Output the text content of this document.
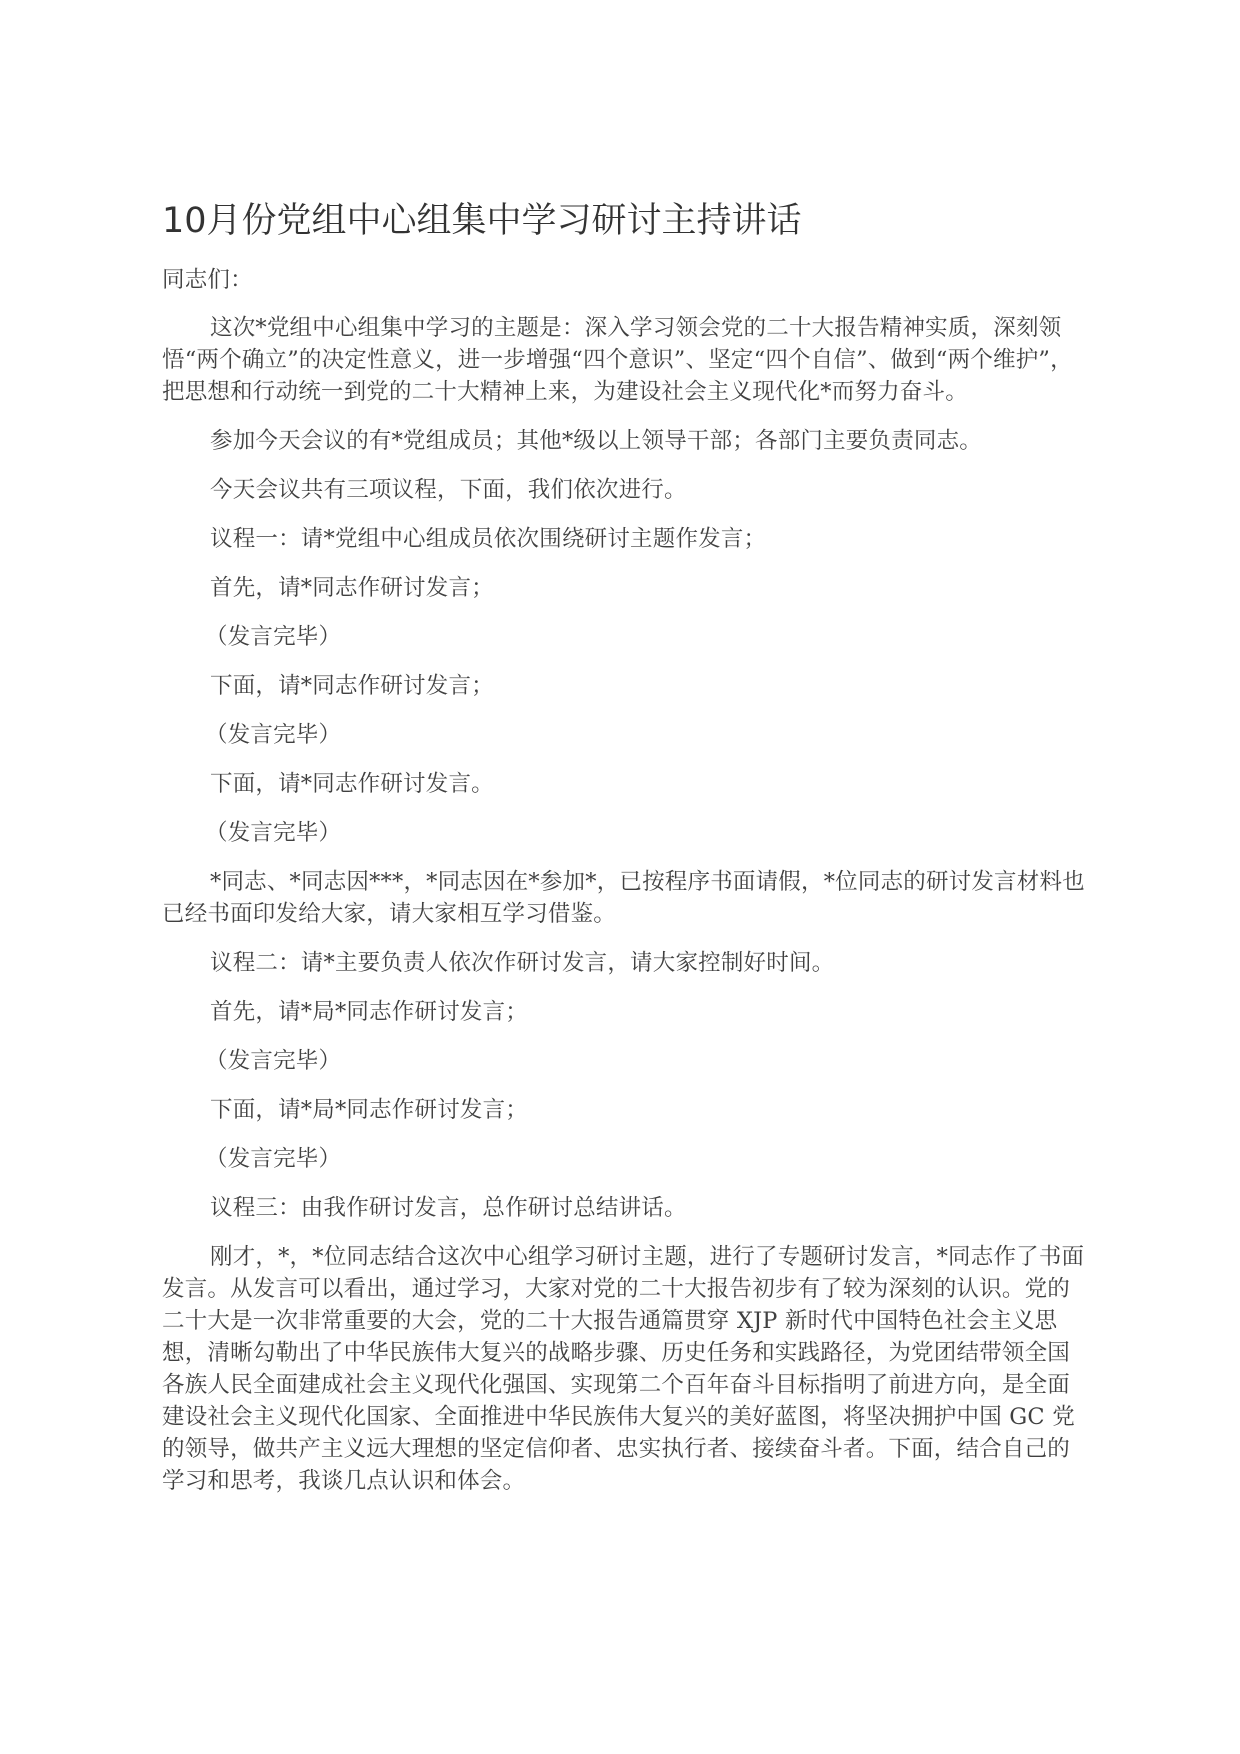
10月份党组中心组集中学习研讨主持讲话

同志们：

这次*党组中心组集中学习的主题是：深入学习领会党的二十大报告精神实质，深刻领悟“两个确立”的决定性意义，进一步增强“四个意识”、坚定“四个自信”、做到“两个维护”，把思想和行动统一到党的二十大精神上来，为建设社会主义现代化*而努力奋斗。

参加今天会议的有*党组成员；其他*级以上领导干部；各部门主要负责同志。

今天会议共有三项议程，下面，我们依次进行。

议程一：请*党组中心组成员依次围绕研讨主题作发言；

首先，请*同志作研讨发言；

（发言完毕）

下面，请*同志作研讨发言；

（发言完毕）

下面，请*同志作研讨发言。

（发言完毕）

*同志、*同志因***，*同志因在*参加*，已按程序书面请假，*位同志的研讨发言材料也已经书面印发给大家，请大家相互学习借鉴。

议程二：请*主要负责人依次作研讨发言，请大家控制好时间。

首先，请*局*同志作研讨发言；

（发言完毕）

下面，请*局*同志作研讨发言；

（发言完毕）

议程三：由我作研讨发言，总作研讨总结讲话。

刚才，*，*位同志结合这次中心组学习研讨主题，进行了专题研讨发言，*同志作了书面发言。从发言可以看出，通过学习，大家对党的二十大报告初步有了较为深刻的认识。党的二十大是一次非常重要的大会，党的二十大报告通篇贯穿 XJP 新时代中国特色社会主义思想，清晰勾勒出了中华民族伟大复兴的战略步骤、历史任务和实践路径，为党团结带领全国各族人民全面建成社会主义现代化强国、实现第二个百年奋斗目标指明了前进方向，是全面建设社会主义现代化国家、全面推进中华民族伟大复兴的美好蓝图，将坚决拥护中国 GC 党的领导，做共产主义远大理想的坚定信仰者、忠实执行者、接续奋斗者。下面，结合自己的学习和思考，我谈几点认识和体会。
